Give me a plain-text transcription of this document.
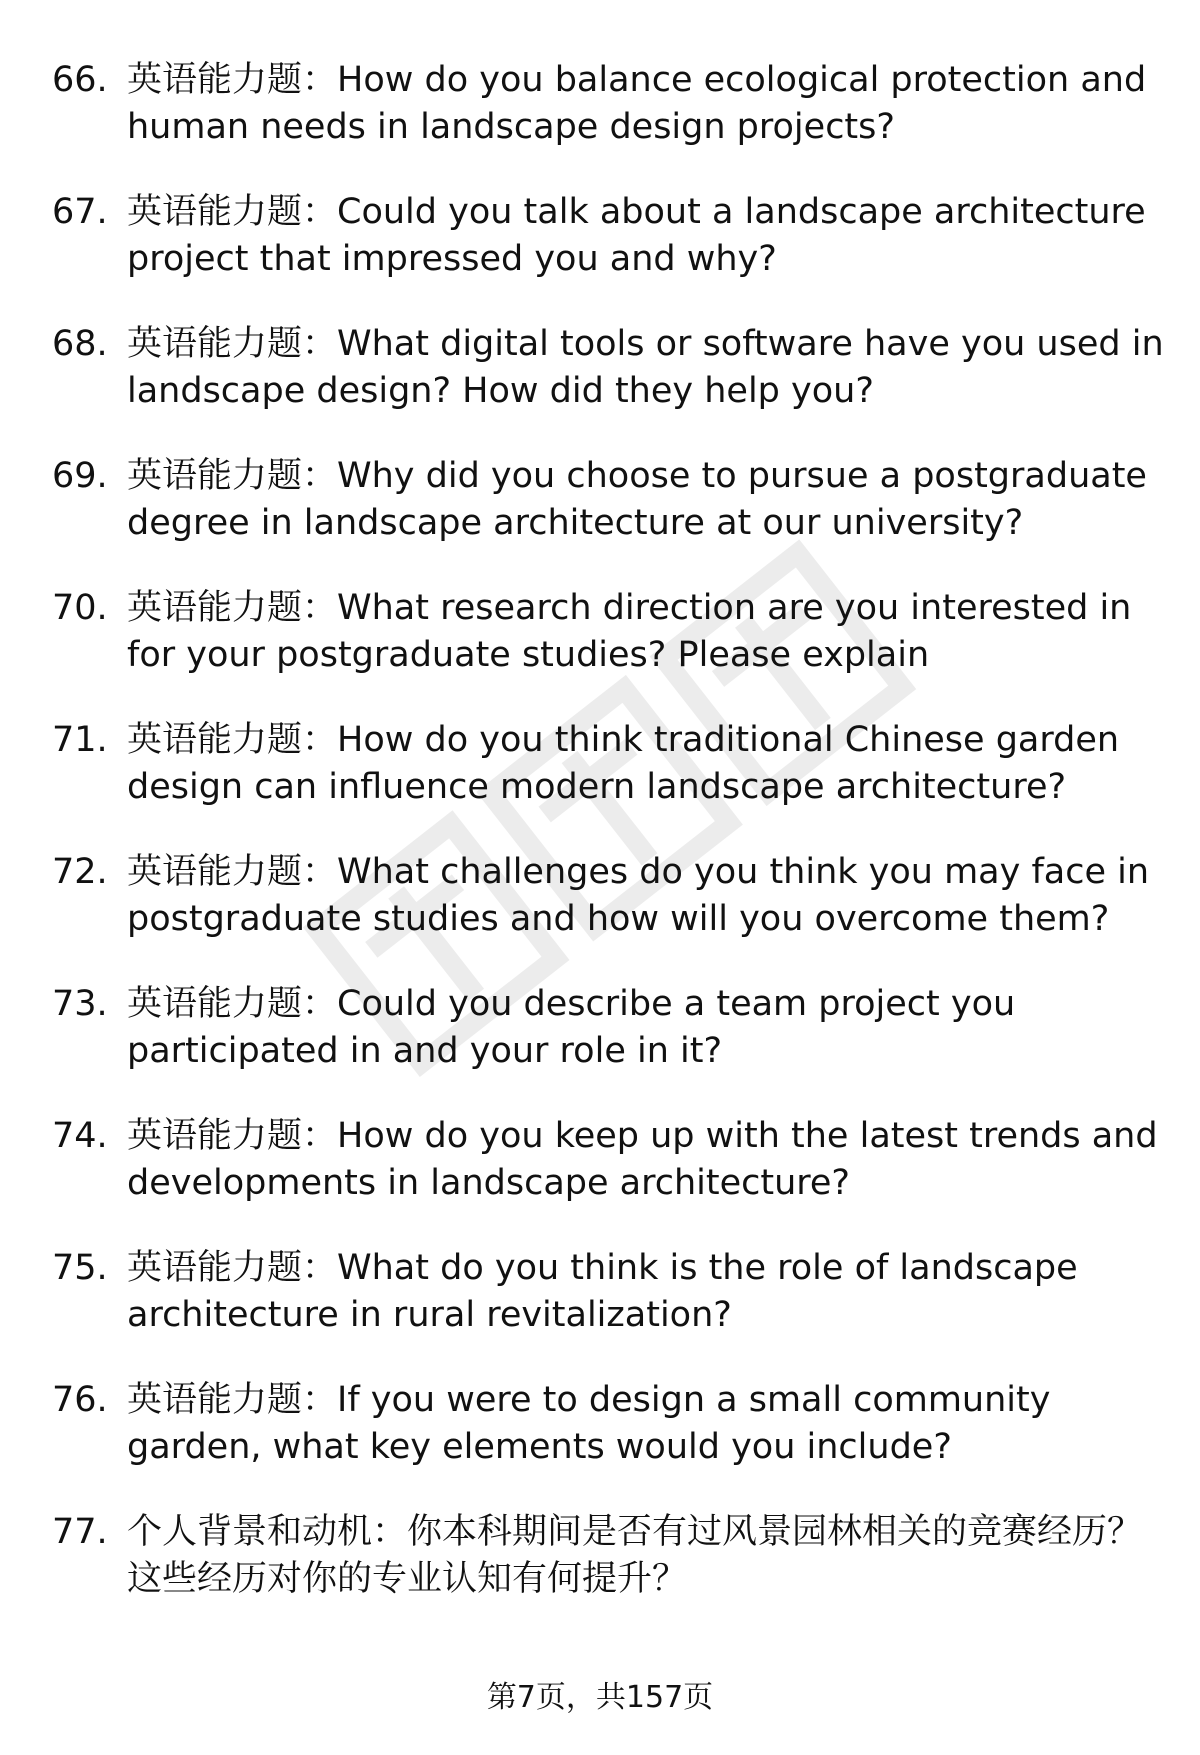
66. 英语能力题：How do you balance ecological protection and human needs in landscape design projects?
67. 英语能力题：Could you talk about a landscape architecture project that impressed you and why?
68. 英语能力题：What digital tools or software have you used in landscape design? How did they help you?
69. 英语能力题：Why did you choose to pursue a postgraduate degree in landscape architecture at our university?
70. 英语能力题：What research direction are you interested in for your postgraduate studies? Please explain
71. 英语能力题：How do you think traditional Chinese garden design can influence modern landscape architecture?
72. 英语能力题：What challenges do you think you may face in postgraduate studies and how will you overcome them?
73. 英语能力题：Could you describe a team project you participated in and your role in it?
74. 英语能力题：How do you keep up with the latest trends and developments in landscape architecture?
75. 英语能力题：What do you think is the role of landscape architecture in rural revitalization?
76. 英语能力题：If you were to design a small community garden, what key elements would you include?
77. 个人背景和动机：你本科期间是否有过风景园林相关的竞赛经历？这些经历对你的专业认知有何提升？
第7页，共157页
